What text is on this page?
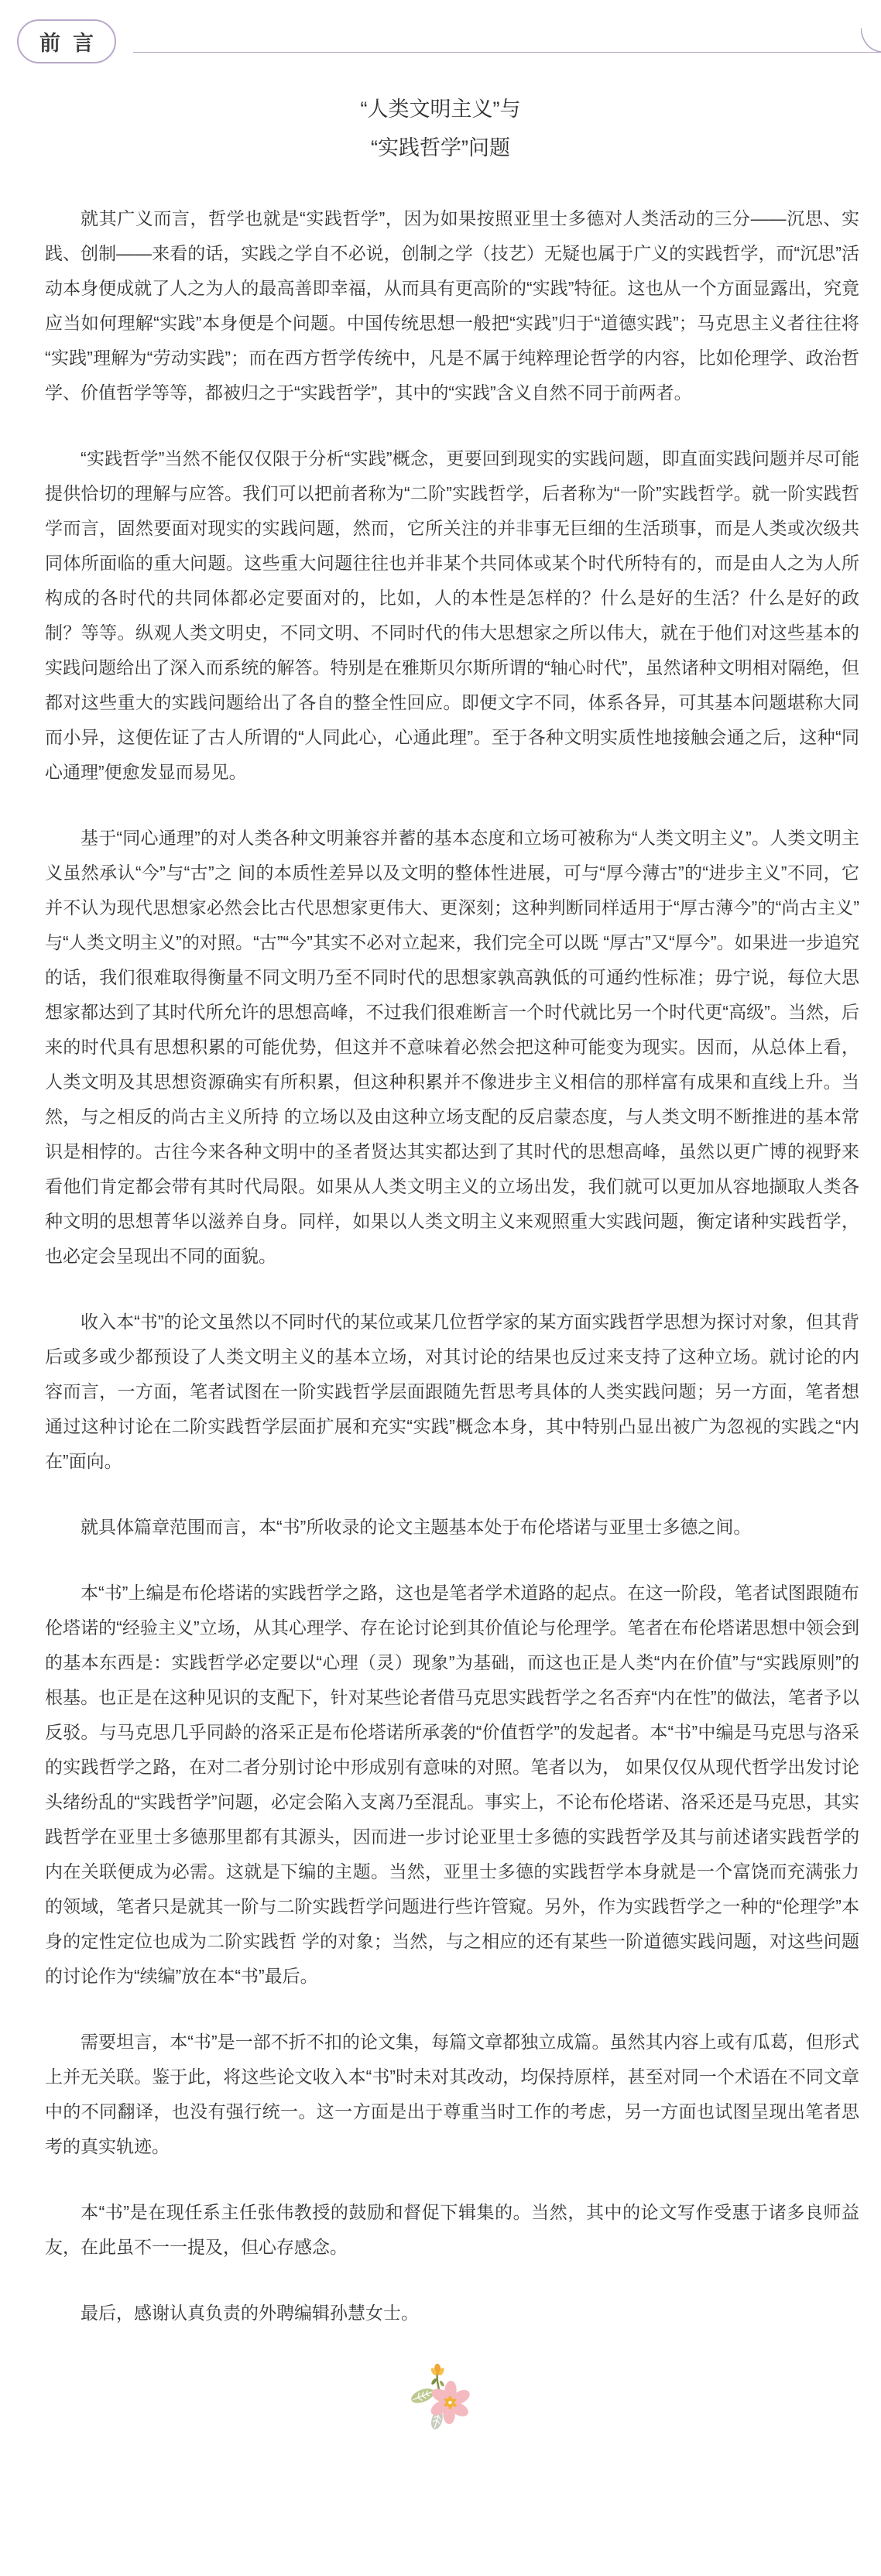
前言
“人类文明主义”与
“实践哲学”问题

就其广义而言，哲学也就是“实践哲学”，因为如果按照亚里士多德对人类活动的三分——沉思、实践、创制——来看的话，实践之学自不必说，创制之学（技艺）无疑也属于广义的实践哲学，而“沉思”活动本身便成就了人之为人的最高善即幸福，从而具有更高阶的“实践”特征。这也从一个方面显露出，究竟应当如何理解“实践”本身便是个问题。中国传统思想一般把“实践”归于“道德实践”；马克思主义者往往将“实践”理解为“劳动实践”；而在西方哲学传统中，凡是不属于纯粹理论哲学的内容，比如伦理学、政治哲学、价值哲学等等，都被归之于“实践哲学”，其中的“实践”含义自然不同于前两者。

“实践哲学”当然不能仅仅限于分析“实践”概念，更要回到现实的实践问题，即直面实践问题并尽可能提供恰切的理解与应答。我们可以把前者称为“二阶”实践哲学，后者称为“一阶”实践哲学。就一阶实践哲学而言，固然要面对现实的实践问题，然而，它所关注的并非事无巨细的生活琐事，而是人类或次级共同体所面临的重大问题。这些重大问题往往也并非某个共同体或某个时代所特有的，而是由人之为人所构成的各时代的共同体都必定要面对的，比如，人的本性是怎样的？什么是好的生活？什么是好的政制？等等。纵观人类文明史，不同文明、不同时代的伟大思想家之所以伟大，就在于他们对这些基本的实践问题给出了深入而系统的解答。特别是在雅斯贝尔斯所谓的“轴心时代”，虽然诸种文明相对隔绝，但都对这些重大的实践问题给出了各自的整全性回应。即便文字不同，体系各异，可其基本问题堪称大同而小异，这便佐证了古人所谓的“人同此心，心通此理”。至于各种文明实质性地接触会通之后，这种“同心通理”便愈发显而易见。

基于“同心通理”的对人类各种文明兼容并蓄的基本态度和立场可被称为“人类文明主义”。人类文明主义虽然承认“今”与“古”之 间的本质性差异以及文明的整体性进展，可与“厚今薄古”的“进步主义”不同，它并不认为现代思想家必然会比古代思想家更伟大、更深刻；这种判断同样适用于“厚古薄今”的“尚古主义”与“人类文明主义”的对照。“古”“今”其实不必对立起来，我们完全可以既 “厚古”又“厚今”。如果进一步追究的话，我们很难取得衡量不同文明乃至不同时代的思想家孰高孰低的可通约性标准；毋宁说，每位大思想家都达到了其时代所允许的思想高峰，不过我们很难断言一个时代就比另一个时代更“高级”。当然，后来的时代具有思想积累的可能优势，但这并不意味着必然会把这种可能变为现实。因而，从总体上看，人类文明及其思想资源确实有所积累，但这种积累并不像进步主义相信的那样富有成果和直线上升。当然，与之相反的尚古主义所持 的立场以及由这种立场支配的反启蒙态度，与人类文明不断推进的基本常识是相悖的。古往今来各种文明中的圣者贤达其实都达到了其时代的思想高峰，虽然以更广博的视野来看他们肯定都会带有其时代局限。如果从人类文明主义的立场出发，我们就可以更加从容地撷取人类各种文明的思想菁华以滋养自身。同样，如果以人类文明主义来观照重大实践问题，衡定诸种实践哲学，也必定会呈现出不同的面貌。

收入本“书”的论文虽然以不同时代的某位或某几位哲学家的某方面实践哲学思想为探讨对象，但其背后或多或少都预设了人类文明主义的基本立场，对其讨论的结果也反过来支持了这种立场。就讨论的内容而言，一方面，笔者试图在一阶实践哲学层面跟随先哲思考具体的人类实践问题；另一方面，笔者想通过这种讨论在二阶实践哲学层面扩展和充实“实践”概念本身，其中特别凸显出被广为忽视的实践之“内在”面向。

就具体篇章范围而言，本“书”所收录的论文主题基本处于布伦塔诺与亚里士多德之间。

本“书”上编是布伦塔诺的实践哲学之路，这也是笔者学术道路的起点。在这一阶段，笔者试图跟随布伦塔诺的“经验主义”立场，从其心理学、存在论讨论到其价值论与伦理学。笔者在布伦塔诺思想中领会到的基本东西是：实践哲学必定要以“心理（灵）现象”为基础，而这也正是人类“内在价值”与“实践原则”的根基。也正是在这种见识的支配下，针对某些论者借马克思实践哲学之名否弃“内在性”的做法，笔者予以反驳。与马克思几乎同龄的洛采正是布伦塔诺所承袭的“价值哲学”的发起者。本“书”中编是马克思与洛采的实践哲学之路，在对二者分别讨论中形成别有意味的对照。笔者以为， 如果仅仅从现代哲学出发讨论头绪纷乱的“实践哲学”问题，必定会陷入支离乃至混乱。事实上，不论布伦塔诺、洛采还是马克思，其实践哲学在亚里士多德那里都有其源头，因而进一步讨论亚里士多德的实践哲学及其与前述诸实践哲学的内在关联便成为必需。这就是下编的主题。当然，亚里士多德的实践哲学本身就是一个富饶而充满张力的领域，笔者只是就其一阶与二阶实践哲学问题进行些许管窥。另外，作为实践哲学之一种的“伦理学”本身的定性定位也成为二阶实践哲 学的对象；当然，与之相应的还有某些一阶道德实践问题，对这些问题的讨论作为“续编”放在本“书”最后。

需要坦言，本“书”是一部不折不扣的论文集，每篇文章都独立成篇。虽然其内容上或有瓜葛，但形式上并无关联。鉴于此，将这些论文收入本“书”时未对其改动，均保持原样，甚至对同一个术语在不同文章中的不同翻译，也没有强行统一。这一方面是出于尊重当时工作的考虑，另一方面也试图呈现出笔者思考的真实轨迹。

本“书”是在现任系主任张伟教授的鼓励和督促下辑集的。当然，其中的论文写作受惠于诸多良师益友，在此虽不一一提及，但心存感念。

最后，感谢认真负责的外聘编辑孙慧女士。
